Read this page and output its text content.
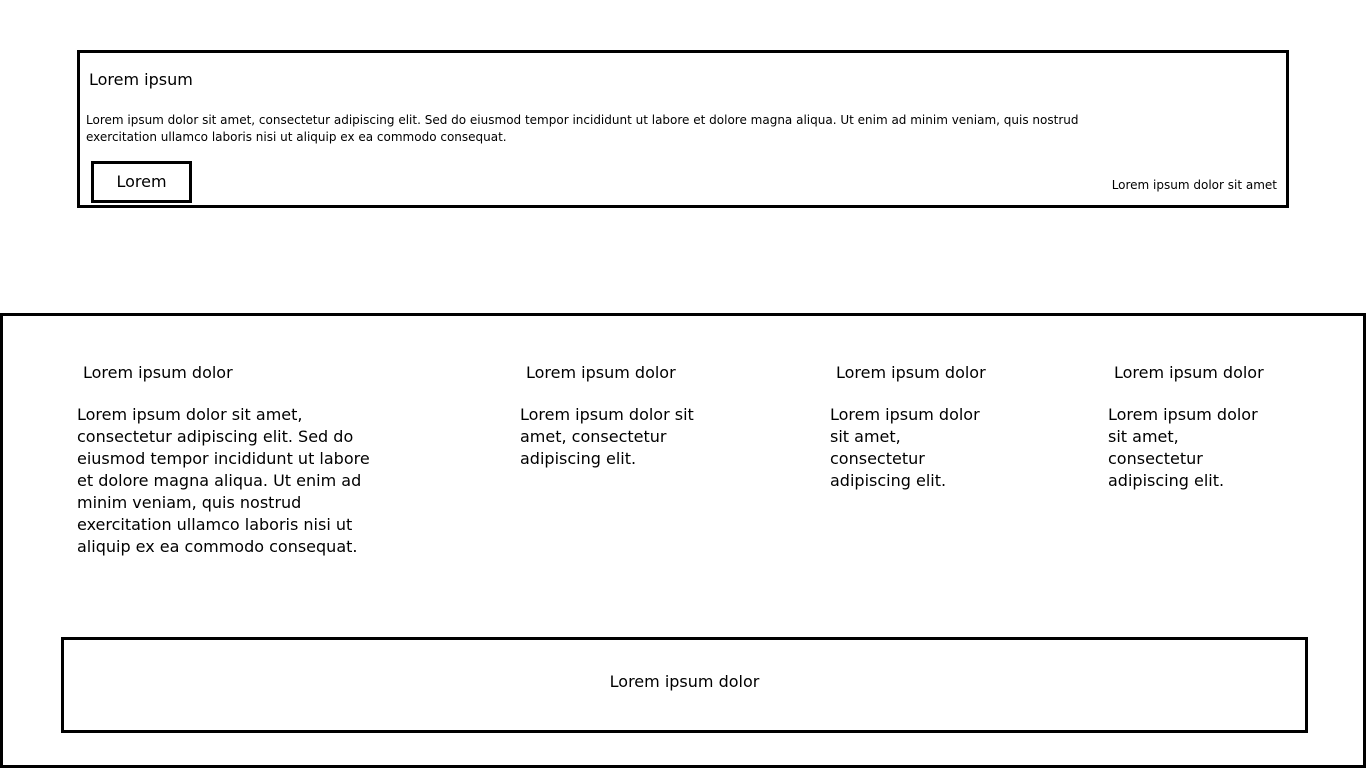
Lorem ipsum
Lorem ipsum dolor sit amet, consectetur adipiscing elit. Sed do eiusmod tempor incididunt ut labore et dolore magna aliqua. Ut enim ad minim veniam, quis nostrud exercitation ullamco laboris nisi ut aliquip ex ea commodo consequat.
Lorem	Lorem ipsum dolor sit amet
Lorem ipsum dolor
Lorem ipsum dolor sit amet, consectetur adipiscing elit. Sed do eiusmod tempor incididunt ut labore et dolore magna aliqua. Ut enim ad minim veniam, quis nostrud exercitation ullamco laboris nisi ut aliquip ex ea commodo consequat.
Lorem ipsum dolor
Lorem ipsum dolor sit amet, consectetur adipiscing elit.
Lorem ipsum dolor
Lorem ipsum dolor sit amet, consectetur adipiscing elit.
Lorem ipsum dolor
Lorem ipsum dolor sit amet, consectetur adipiscing elit.
Lorem ipsum dolor
